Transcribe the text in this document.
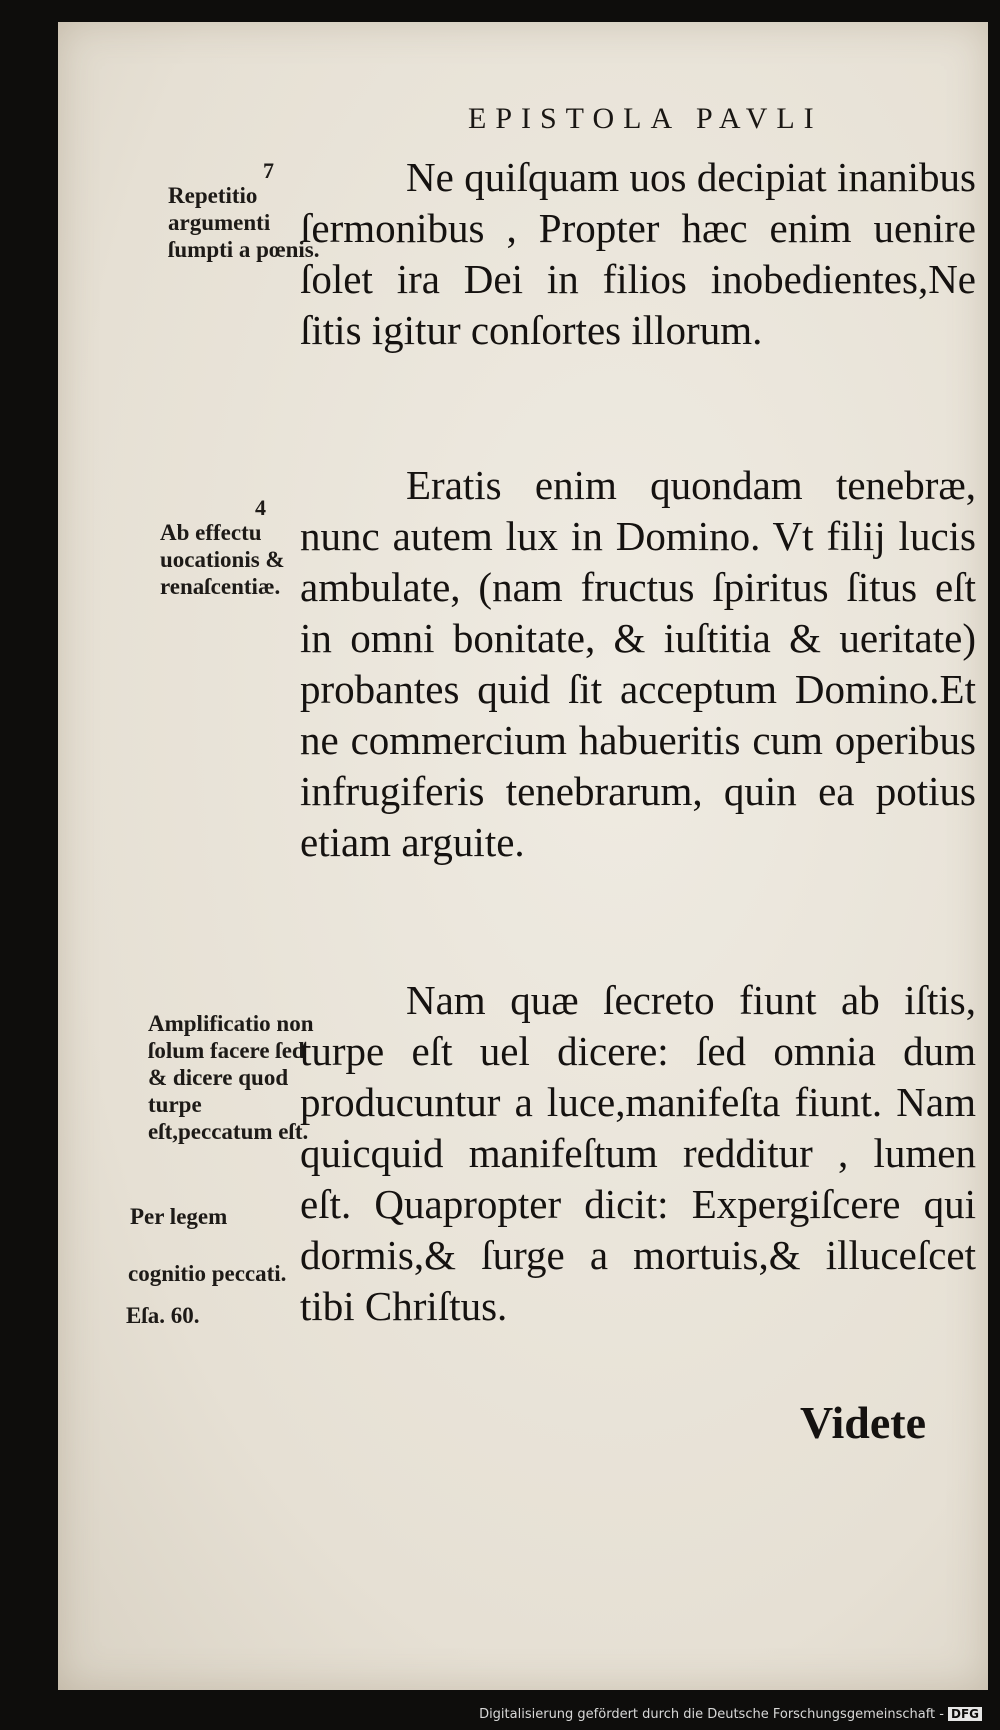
EPISTOLA PAVLI
7
Repetitio argumenti ſumpti a pœnis.

Ne quiſquam uos decipiat inanibus ſermonibus , Propter hæc enim uenire ſolet ira Dei in filios inobedientes,Ne ſitis igitur conſortes illorum.

4
Ab effectu uocationis & renaſcentiæ.

Eratis enim quondam tenebræ, nunc autem lux in Domino. Vt filij lucis ambulate, (nam fructus ſpiritus ſitus eſt in omni bonitate, & iuſtitia & ueritate) probantes quid ſit acceptum Domino.Et ne commercium habueritis cum operibus infrugiferis tenebrarum, quin ea potius etiam arguite.

Amplificatio non ſolum facere ſed & dicere quod turpe eſt,peccatum eſt.
Per legem
cognitio peccati.
Eſa. 60.

Nam quæ ſecreto fiunt ab iſtis, turpe eſt uel dicere: ſed omnia dum producuntur a luce,manifeſta fiunt. Nam quicquid manifeſtum redditur , lumen eſt. Quapropter dicit: Expergiſcere qui dormis,& ſurge a mortuis,& illuceſcet tibi Chriſtus.

Videte
Digitalisierung gefördert durch die Deutsche Forschungsgemeinschaft - DFG
